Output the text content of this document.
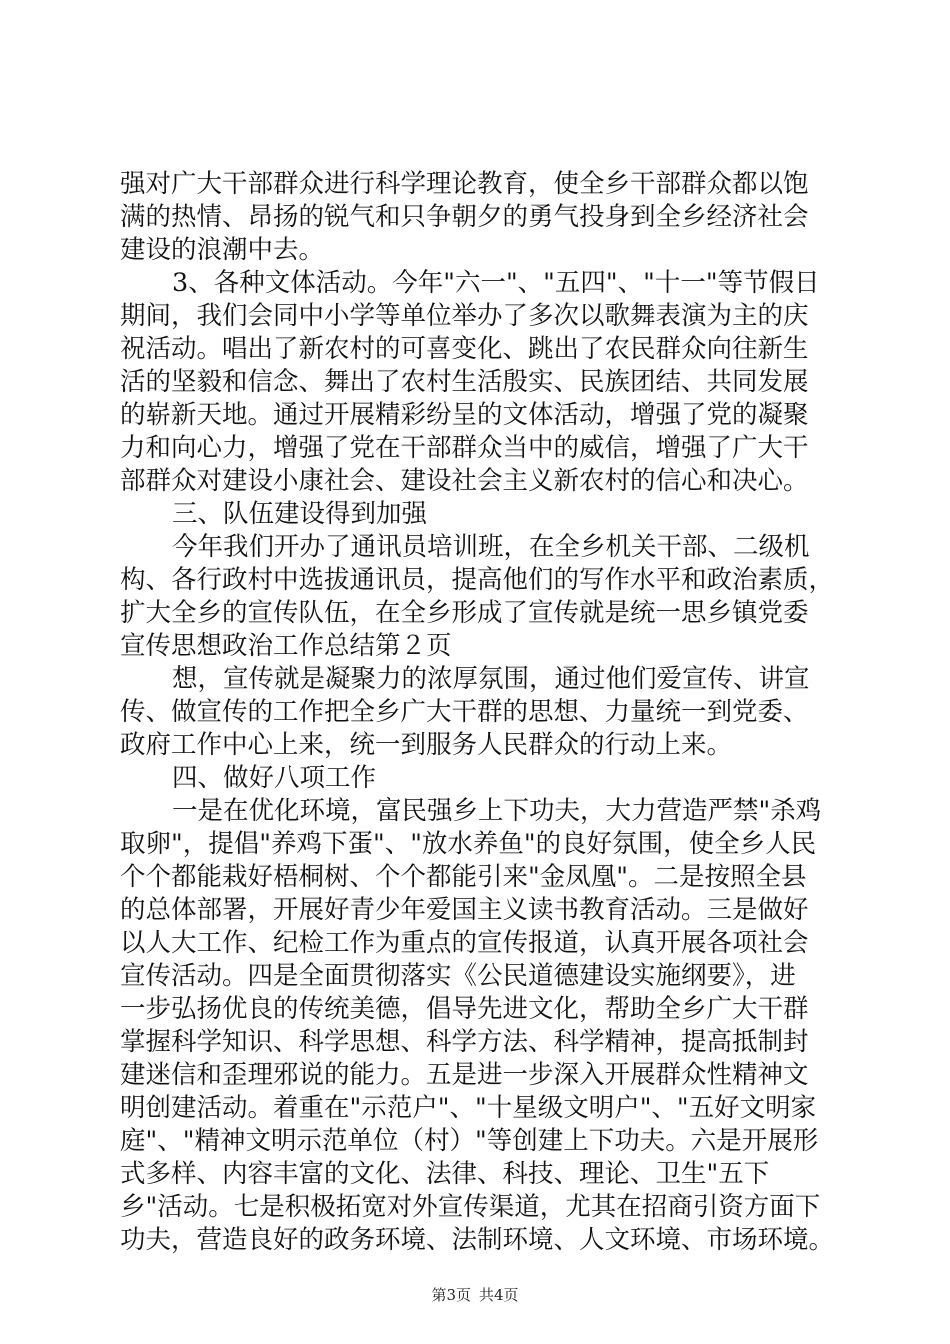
强对广大干部群众进行科学理论教育，使全乡干部群众都以饱
满的热情、昂扬的锐气和只争朝夕的勇气投身到全乡经济社会
建设的浪潮中去。
3、各种文体活动。今年"六一"、"五四"、"十一"等节假日
期间，我们会同中小学等单位举办了多次以歌舞表演为主的庆
祝活动。唱出了新农村的可喜变化、跳出了农民群众向往新生
活的坚毅和信念、舞出了农村生活殷实、民族团结、共同发展
的崭新天地。通过开展精彩纷呈的文体活动，增强了党的凝聚
力和向心力，增强了党在干部群众当中的威信，增强了广大干
部群众对建设小康社会、建设社会主义新农村的信心和决心。
三、队伍建设得到加强
今年我们开办了通讯员培训班，在全乡机关干部、二级机
构、各行政村中选拔通讯员，提高他们的写作水平和政治素质，
扩大全乡的宣传队伍，在全乡形成了宣传就是统一思乡镇党委
宣传思想政治工作总结第２页
想，宣传就是凝聚力的浓厚氛围，通过他们爱宣传、讲宣
传、做宣传的工作把全乡广大干群的思想、力量统一到党委、
政府工作中心上来，统一到服务人民群众的行动上来。
四、做好八项工作
一是在优化环境，富民强乡上下功夫，大力营造严禁"杀鸡
取卵"，提倡"养鸡下蛋"、"放水养鱼"的良好氛围，使全乡人民
个个都能栽好梧桐树、个个都能引来"金凤凰"。二是按照全县
的总体部署，开展好青少年爱国主义读书教育活动。三是做好
以人大工作、纪检工作为重点的宣传报道，认真开展各项社会
宣传活动。四是全面贯彻落实《公民道德建设实施纲要》，进
一步弘扬优良的传统美德，倡导先进文化，帮助全乡广大干群
掌握科学知识、科学思想、科学方法、科学精神，提高抵制封
建迷信和歪理邪说的能力。五是进一步深入开展群众性精神文
明创建活动。着重在"示范户"、"十星级文明户"、"五好文明家
庭"、"精神文明示范单位（村）"等创建上下功夫。六是开展形
式多样、内容丰富的文化、法律、科技、理论、卫生"五下
乡"活动。七是积极拓宽对外宣传渠道，尤其在招商引资方面下
功夫，营造良好的政务环境、法制环境、人文环境、市场环境。
第3页 共4页
